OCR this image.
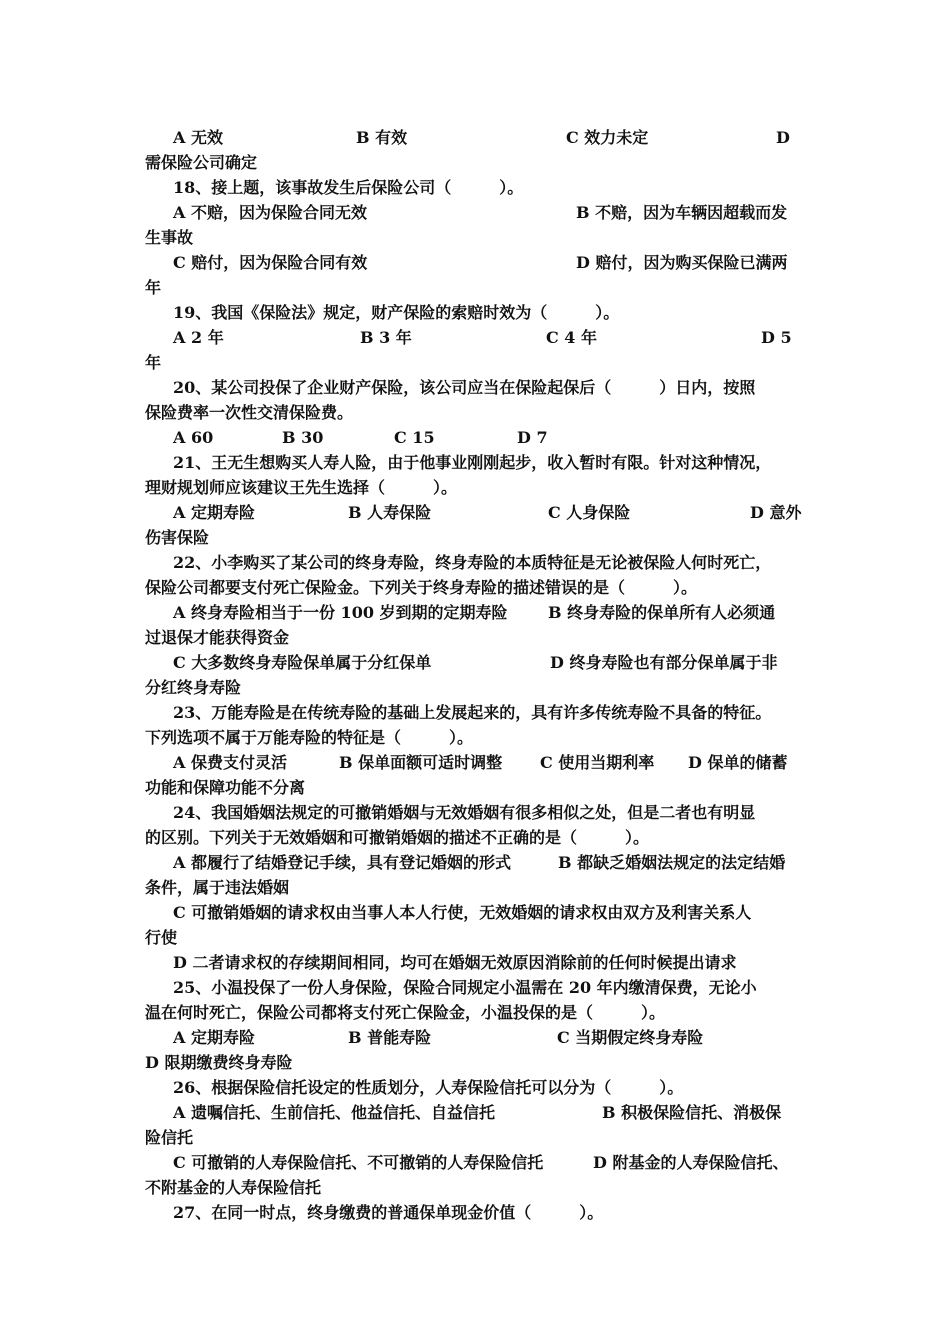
A 无效	B 有效	C 效力未定	D
需保险公司确定
18、接上题，该事故发生后保险公司（　　　）。
A 不赔，因为保险合同无效	B 不赔，因为车辆因超载而发
生事故
C 赔付，因为保险合同有效	D 赔付，因为购买保险已满两
年
19、我国《保险法》规定，财产保险的索赔时效为（　　　）。
A 2 年	B 3 年	C 4 年	D 5
年
20、某公司投保了企业财产保险，该公司应当在保险起保后（　　　）日内，按照
保险费率一次性交清保险费。
A 60	B 30	C 15	D 7
21、王无生想购买人寿人险，由于他事业刚刚起步，收入暂时有限。针对这种情况，
理财规划师应该建议王先生选择（　　　）。
A 定期寿险	B 人寿保险	C 人身保险	D 意外
伤害保险
22、小李购买了某公司的终身寿险，终身寿险的本质特征是无论被保险人何时死亡，
保险公司都要支付死亡保险金。下列关于终身寿险的描述错误的是（　　　）。
A 终身寿险相当于一份 100 岁到期的定期寿险	B 终身寿险的保单所有人必须通
过退保才能获得资金
C 大多数终身寿险保单属于分红保单	D 终身寿险也有部分保单属于非
分红终身寿险
23、万能寿险是在传统寿险的基础上发展起来的，具有许多传统寿险不具备的特征。
下列选项不属于万能寿险的特征是（　　　）。
A 保费支付灵活	B 保单面额可适时调整 C 使用当期利率 D 保单的储蓄
功能和保障功能不分离
24、我国婚姻法规定的可撤销婚姻与无效婚姻有很多相似之处，但是二者也有明显
的区别。下列关于无效婚姻和可撤销婚姻的描述不正确的是（　　　）。
A 都履行了结婚登记手续，具有登记婚姻的形式	B 都缺乏婚姻法规定的法定结婚
条件，属于违法婚姻
C 可撤销婚姻的请求权由当事人本人行使，无效婚姻的请求权由双方及利害关系人
行使
D 二者请求权的存续期间相同，均可在婚姻无效原因消除前的任何时候提出请求
25、小温投保了一份人身保险，保险合同规定小温需在 20 年内缴清保费，无论小
温在何时死亡，保险公司都将支付死亡保险金，小温投保的是（　　　）。
A 定期寿险	B 普能寿险	C 当期假定终身寿险
D 限期缴费终身寿险
26、根据保险信托设定的性质划分，人寿保险信托可以分为（　　　）。
A 遗嘱信托、生前信托、他益信托、自益信托	B 积极保险信托、消极保
险信托
C 可撤销的人寿保险信托、不可撤销的人寿保险信托	D 附基金的人寿保险信托、
不附基金的人寿保险信托
27、在同一时点，终身缴费的普通保单现金价值（　　　）。
